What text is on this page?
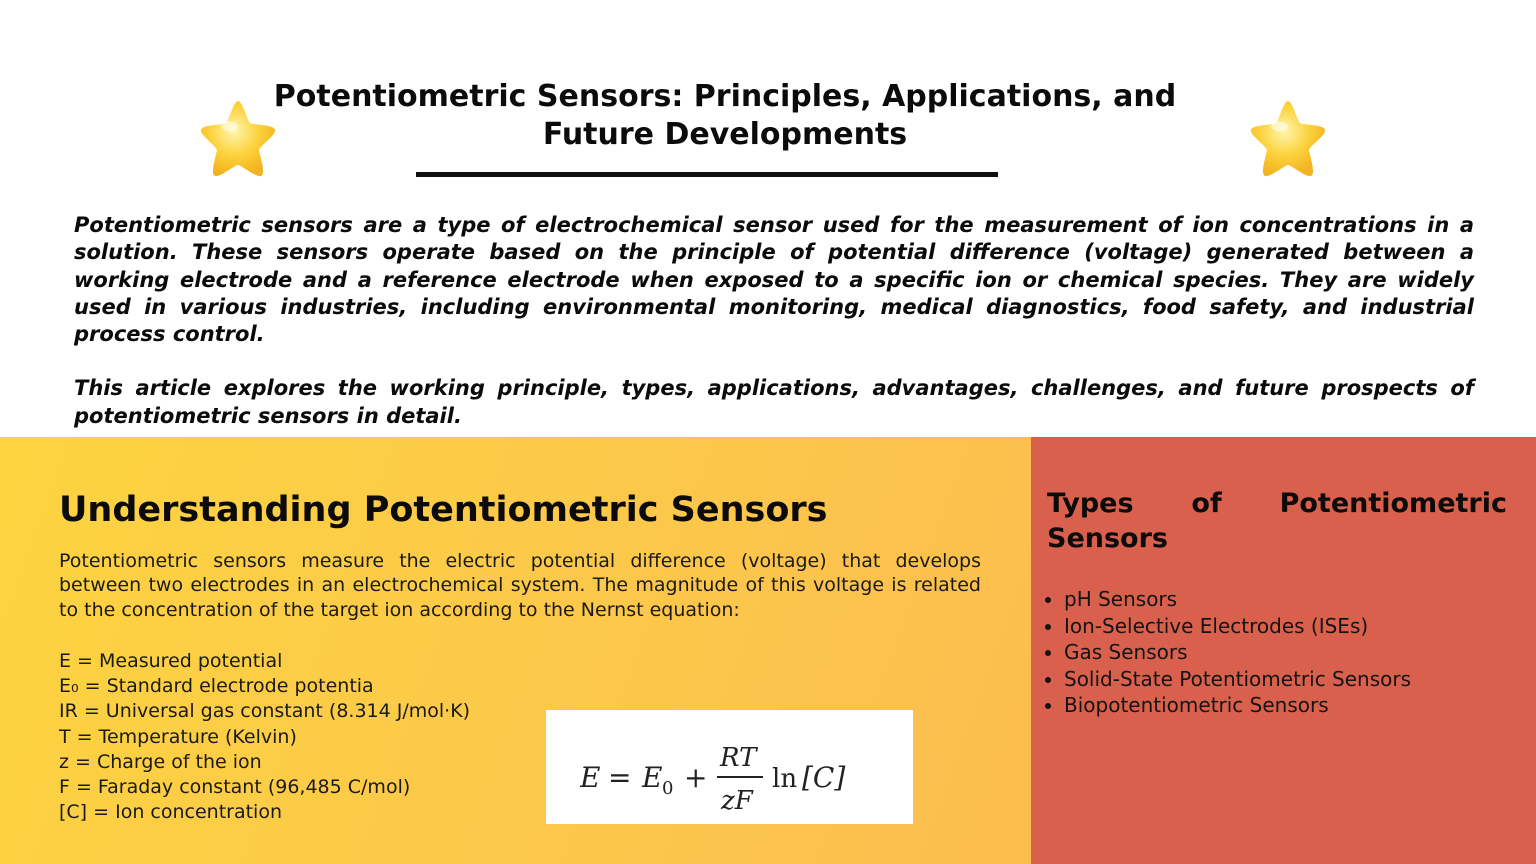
Potentiometric Sensors: Principles, Applications, and
Future Developments

Potentiometric sensors are a type of electrochemical sensor used for the measurement of ion concentrations in a solution. These sensors operate based on the principle of potential difference (voltage) generated between a working electrode and a reference electrode when exposed to a specific ion or chemical species. They are widely used in various industries, including environmental monitoring, medical diagnostics, food safety, and industrial process control.

This article explores the working principle, types, applications, advantages, challenges, and future prospects of potentiometric sensors in detail.

Understanding Potentiometric Sensors

Potentiometric sensors measure the electric potential difference (voltage) that develops between two electrodes in an electrochemical system. The magnitude of this voltage is related to the concentration of the target ion according to the Nernst equation:

E = Measured potential
E₀ = Standard electrode potentia
IR = Universal gas constant (8.314 J/mol·K)
T = Temperature (Kelvin)
z = Charge of the ion
F = Faraday constant (96,485 C/mol)
[C] = Ion concentration
E = E 0 +
RT
zF
ln [C]
Types of Potentiometric Sensors
• pH Sensors
• Ion-Selective Electrodes (ISEs)
• Gas Sensors
• Solid-State Potentiometric Sensors
• Biopotentiometric Sensors
